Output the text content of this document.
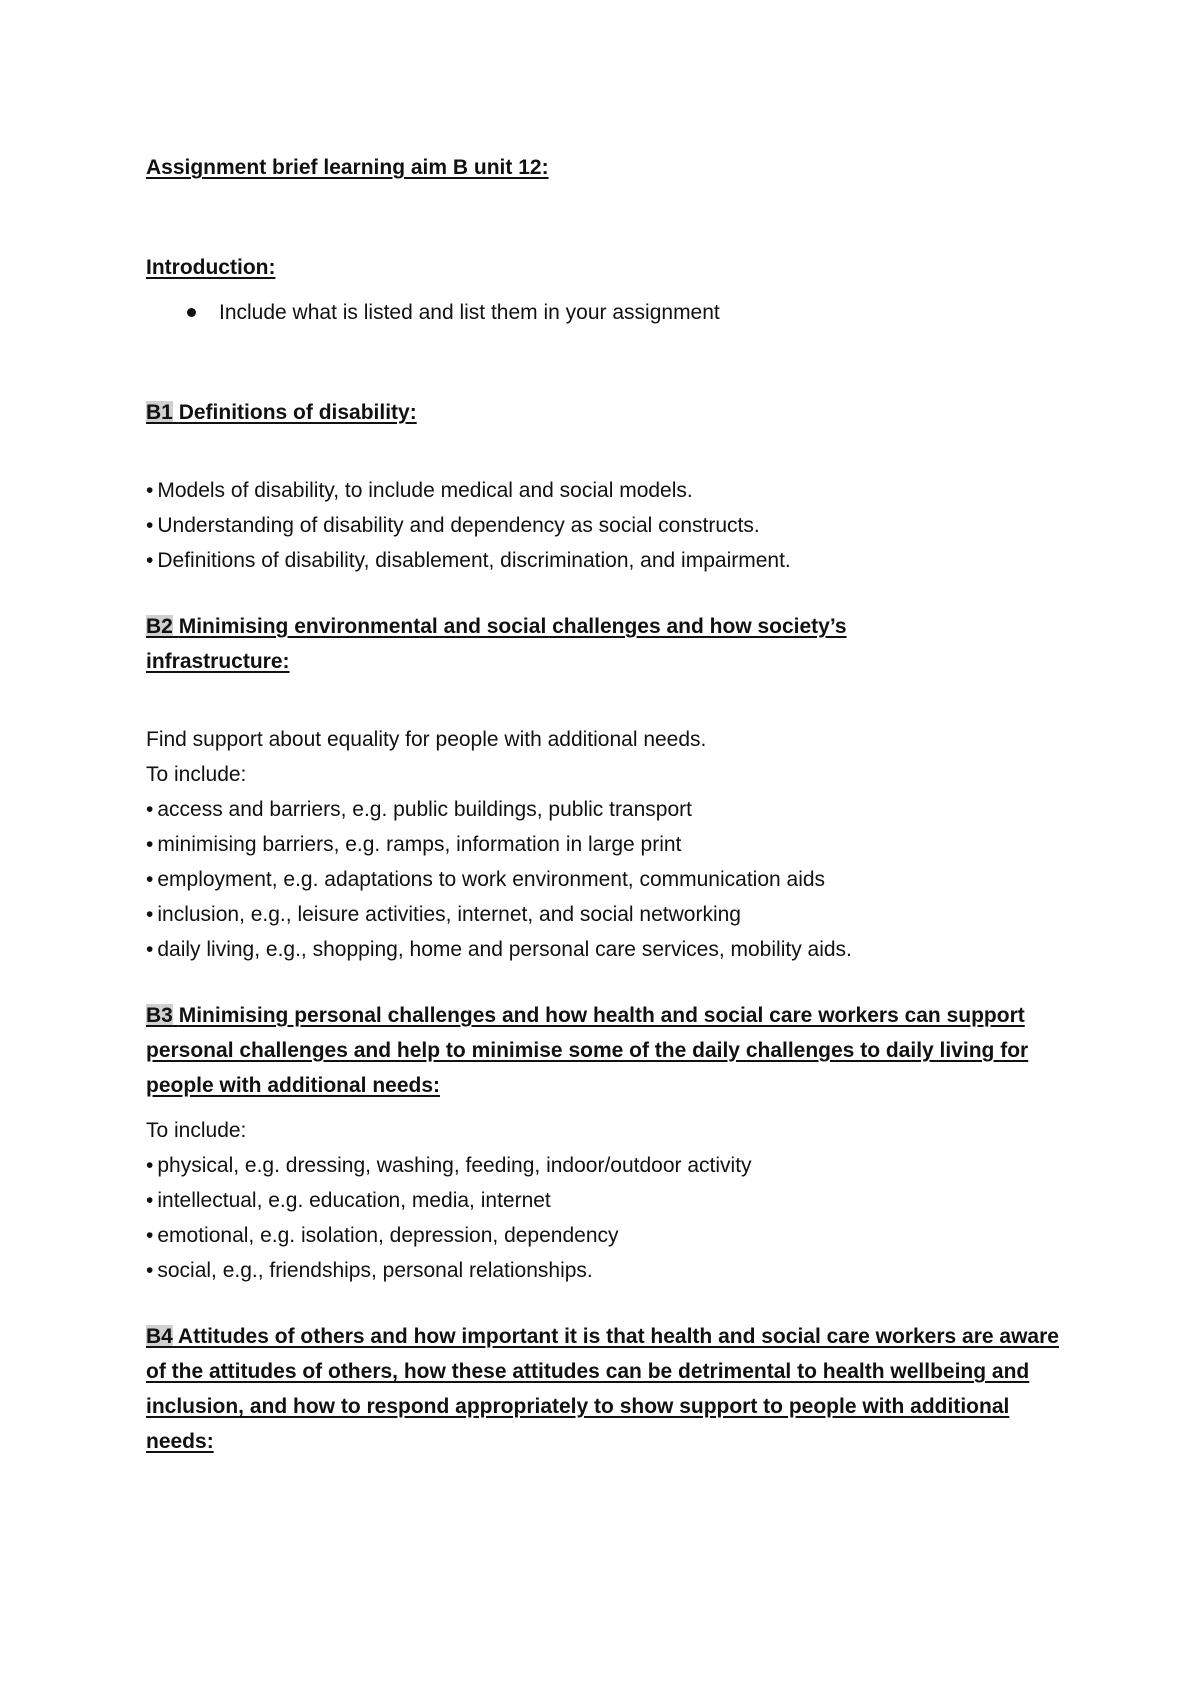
Assignment brief learning aim B unit 12:

Introduction:

Include what is listed and list them in your assignment

B1 Definitions of disability:

• Models of disability, to include medical and social models.

• Understanding of disability and dependency as social constructs.

• Definitions of disability, disablement, discrimination, and impairment.

B2 Minimising environmental and social challenges and how society’s infrastructure:

Find support about equality for people with additional needs.

To include:

• access and barriers, e.g. public buildings, public transport

• minimising barriers, e.g. ramps, information in large print

• employment, e.g. adaptations to work environment, communication aids

• inclusion, e.g., leisure activities, internet, and social networking

• daily living, e.g., shopping, home and personal care services, mobility aids.

B3 Minimising personal challenges and how health and social care workers can support personal challenges and help to minimise some of the daily challenges to daily living for people with additional needs:

To include:

• physical, e.g. dressing, washing, feeding, indoor/outdoor activity

• intellectual, e.g. education, media, internet

• emotional, e.g. isolation, depression, dependency

• social, e.g., friendships, personal relationships.

B4 Attitudes of others and how important it is that health and social care workers are aware of the attitudes of others, how these attitudes can be detrimental to health wellbeing and inclusion, and how to respond appropriately to show support to people with additional needs:
